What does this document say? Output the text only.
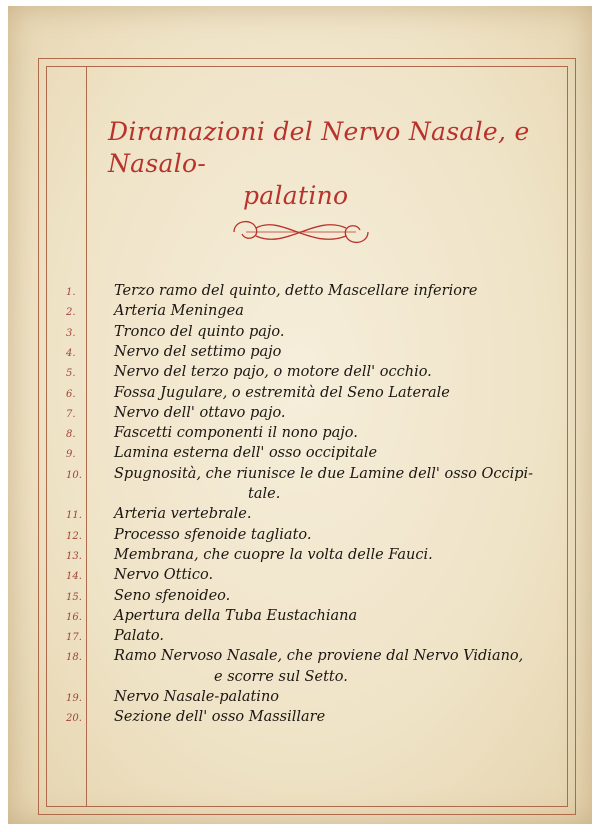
Diramazioni del Nervo Nasale, e Nasalo-
palatino
1.	Terzo ramo del quinto, detto Mascellare inferiore
2.	Arteria Meningea
3.	Tronco del quinto pajo.
4.	Nervo del settimo pajo
5.	Nervo del terzo pajo, o motore dell' occhio.
6.	Fossa Jugulare, o estremità del Seno Laterale
7.	Nervo dell' ottavo pajo.
8.	Fascetti componenti il nono pajo.
9.	Lamina esterna dell' osso occipitale
10.	Spugnosità, che riunisce le due Lamine dell' osso Occipi-
tale.
11.	Arteria vertebrale.
12.	Processo sfenoide tagliato.
13.	Membrana, che cuopre la volta delle Fauci.
14.	Nervo Ottico.
15.	Seno sfenoideo.
16.	Apertura della Tuba Eustachiana
17.	Palato.
18.	Ramo Nervoso Nasale, che proviene dal Nervo Vidiano,
e scorre sul Setto.
19.	Nervo Nasale-palatino
20.	Sezione dell' osso Massillare
